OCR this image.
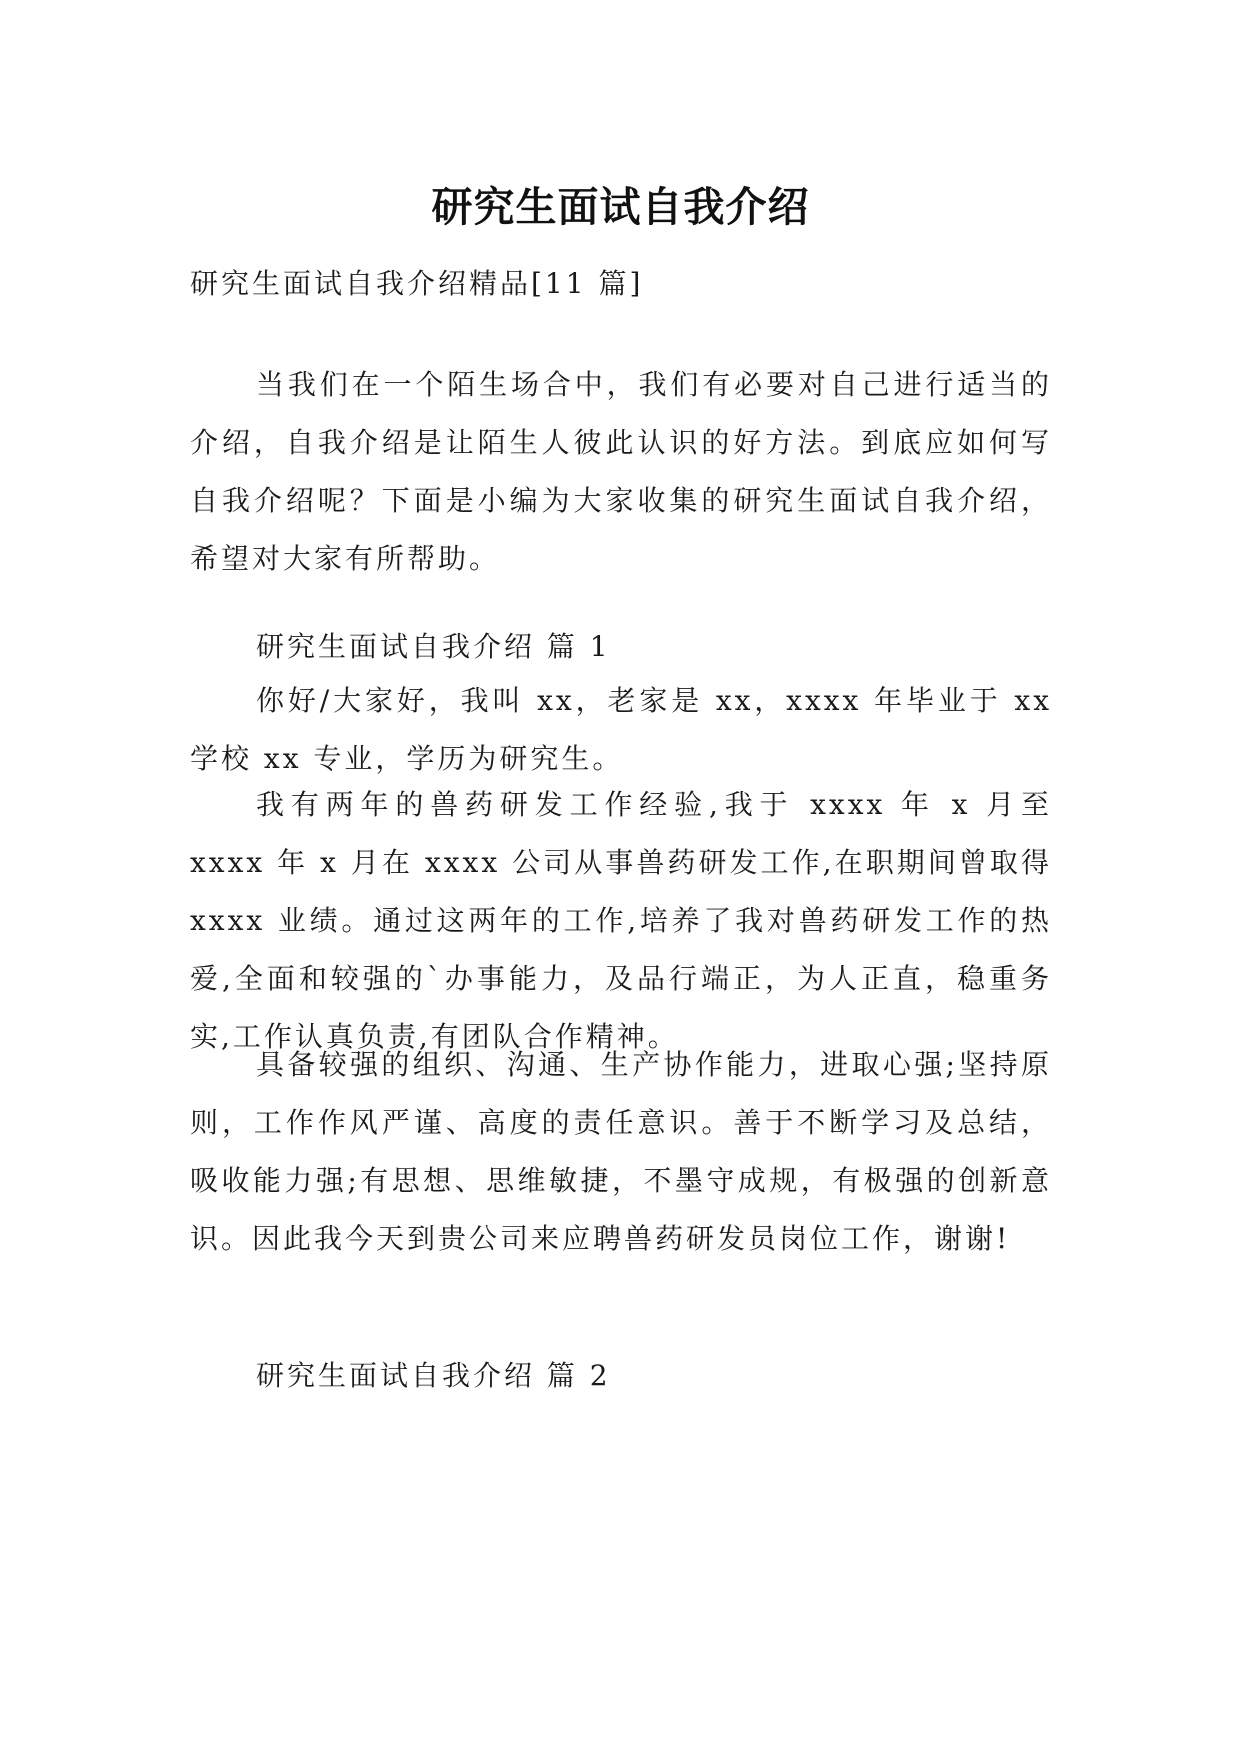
研究生面试自我介绍

研究生面试自我介绍精品[11 篇]

当我们在一个陌生场合中，我们有必要对自己进行适当的介绍，自我介绍是让陌生人彼此认识的好方法。到底应如何写自我介绍呢？下面是小编为大家收集的研究生面试自我介绍，希望对大家有所帮助。

研究生面试自我介绍 篇 1

你好/大家好，我叫 xx，老家是 xx，xxxx 年毕业于 xx 学校 xx 专业，学历为研究生。

我有两年的兽药研发工作经验,我于 xxxx 年 x 月至 xxxx 年 x 月在 xxxx 公司从事兽药研发工作,在职期间曾取得 xxxx 业绩。通过这两年的工作,培养了我对兽药研发工作的热爱,全面和较强的`办事能力，及品行端正，为人正直，稳重务实,工作认真负责,有团队合作精神。

具备较强的组织、沟通、生产协作能力，进取心强;坚持原则，工作作风严谨、高度的责任意识。善于不断学习及总结，吸收能力强;有思想、思维敏捷，不墨守成规，有极强的创新意识。因此我今天到贵公司来应聘兽药研发员岗位工作，谢谢!

研究生面试自我介绍 篇 2
